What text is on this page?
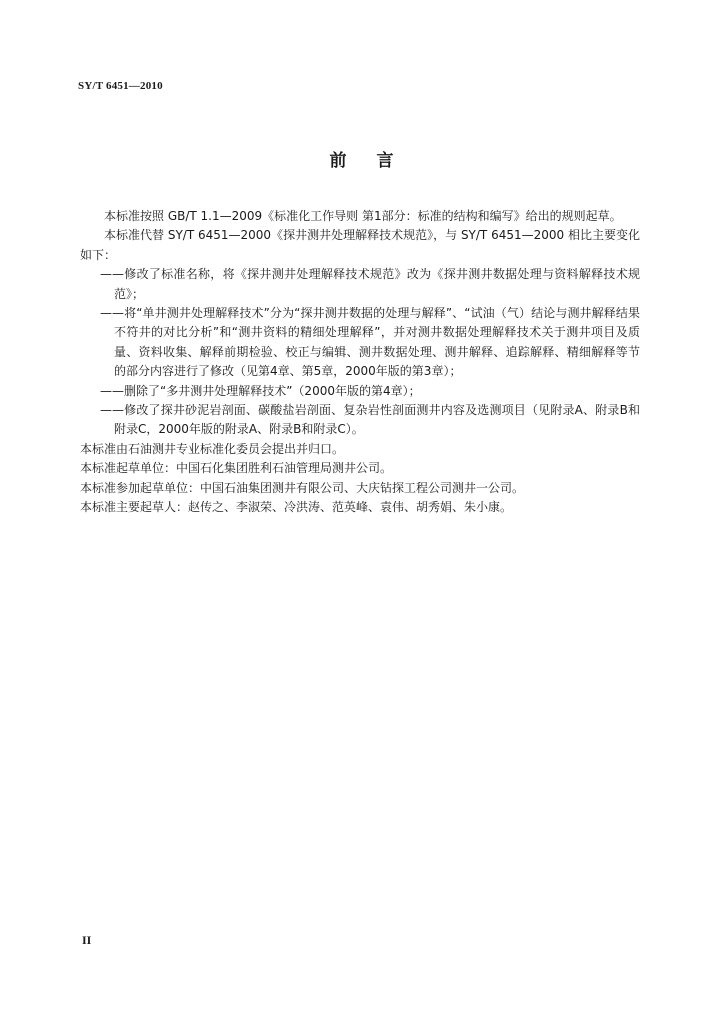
SY/T 6451—2010
前 言

本标准按照 GB/T 1.1—2009《标准化工作导则 第1部分：标准的结构和编写》给出的规则起草。

本标准代替 SY/T 6451—2000《探井测井处理解释技术规范》，与 SY/T 6451—2000 相比主要变化如下：

——修改了标准名称，将《探井测井处理解释技术规范》改为《探井测井数据处理与资料解释技术规范》；

——将“单井测井处理解释技术”分为“探井测井数据的处理与解释”、“试油（气）结论与测井解释结果不符井的对比分析”和“测井资料的精细处理解释”，并对测井数据处理解释技术关于测井项目及质量、资料收集、解释前期检验、校正与编辑、测井数据处理、测井解释、追踪解释、精细解释等节的部分内容进行了修改（见第4章、第5章，2000年版的第3章）；

——删除了“多井测井处理解释技术”（2000年版的第4章）；

——修改了探井砂泥岩剖面、碳酸盐岩剖面、复杂岩性剖面测井内容及选测项目（见附录A、附录B和附录C，2000年版的附录A、附录B和附录C）。

本标准由石油测井专业标准化委员会提出并归口。

本标准起草单位：中国石化集团胜利石油管理局测井公司。

本标准参加起草单位：中国石油集团测井有限公司、大庆钻探工程公司测井一公司。

本标准主要起草人：赵传之、李淑荣、冷洪涛、范英峰、袁伟、胡秀娟、朱小康。

II
